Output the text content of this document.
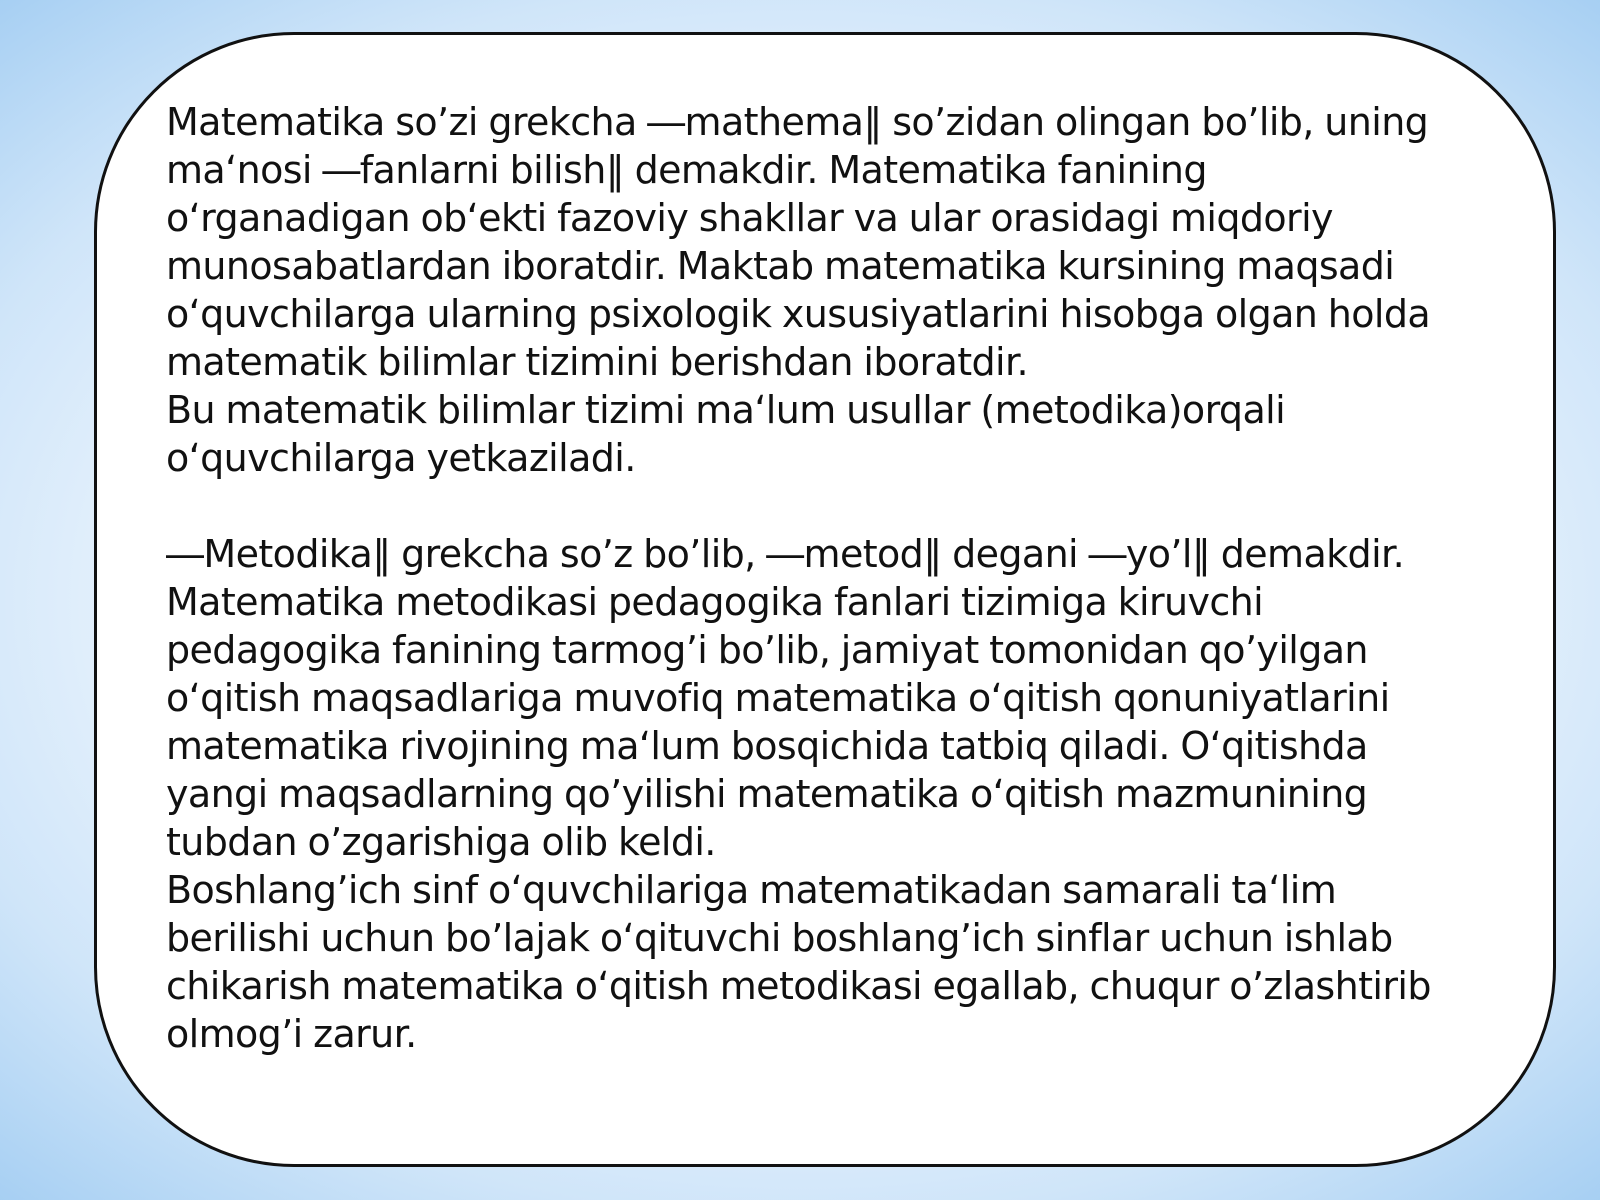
Matematika so’zi grekcha ―mathema‖ so’zidan olingan bo’lib, uning
ma‘nosi ―fanlarni bilish‖ demakdir. Matematika fanining
o‘rganadigan ob‘ekti fazoviy shakllar va ular orasidagi miqdoriy
munosabatlardan iboratdir. Maktab matematika kursining maqsadi
o‘quvchilarga ularning psixologik xususiyatlarini hisobga olgan holda
matematik bilimlar tizimini berishdan iboratdir.
Bu matematik bilimlar tizimi ma‘lum usullar (metodika)orqali
o‘quvchilarga yetkaziladi.
―Metodika‖ grekcha so’z bo’lib, ―metod‖ degani ―yo’l‖ demakdir.
Matematika metodikasi pedagogika fanlari tizimiga kiruvchi
pedagogika fanining tarmog’i bo’lib, jamiyat tomonidan qo’yilgan
o‘qitish maqsadlariga muvofiq matematika o‘qitish qonuniyatlarini
matematika rivojining ma‘lum bosqichida tatbiq qiladi. O‘qitishda
yangi maqsadlarning qo’yilishi matematika o‘qitish mazmunining
tubdan o’zgarishiga olib keldi.
Boshlang’ich sinf o‘quvchilariga matematikadan samarali ta‘lim
berilishi uchun bo’lajak o‘qituvchi boshlang’ich sinflar uchun ishlab
chikarish matematika o‘qitish metodikasi egallab, chuqur o’zlashtirib
olmog’i zarur.
